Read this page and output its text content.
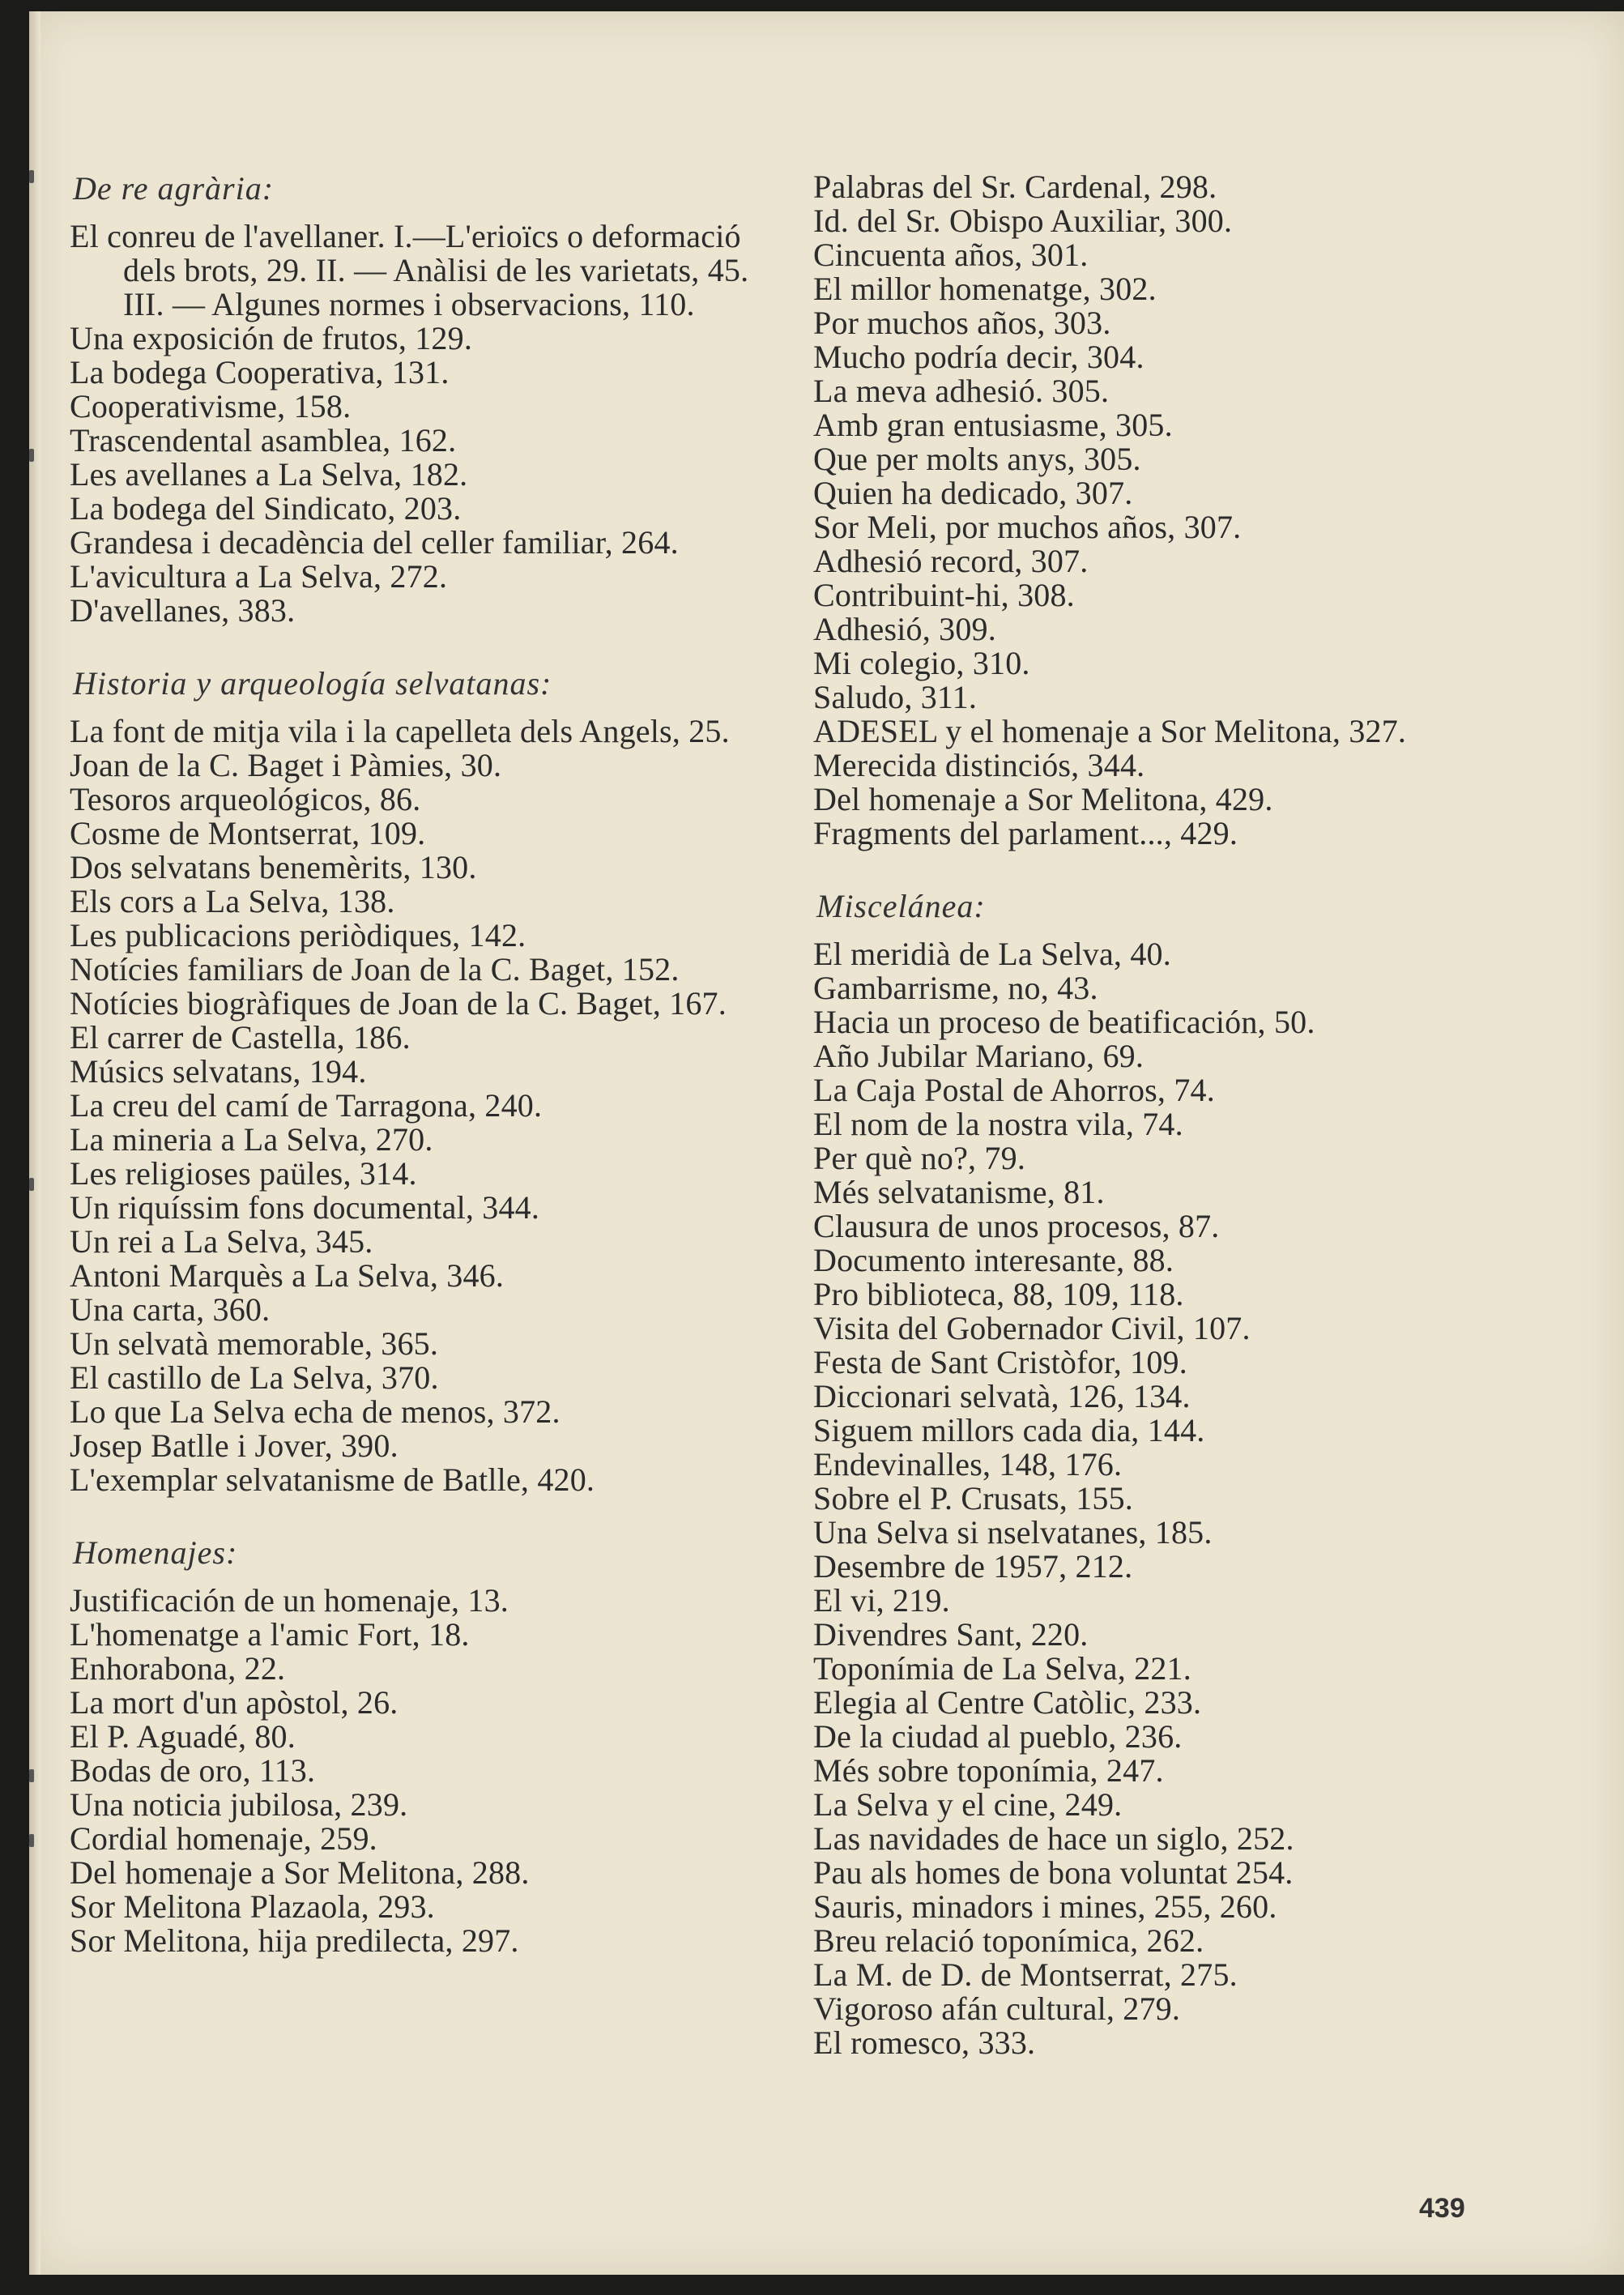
De re agrària:
El conreu de l'avellaner. I.—L'erioïcs o deformació dels brots, 29. II. — Anàlisi de les varietats, 45. III. — Algunes normes i observacions, 110.
Una exposición de frutos, 129.
La bodega Cooperativa, 131.
Cooperativisme, 158.
Trascendental asamblea, 162.
Les avellanes a La Selva, 182.
La bodega del Sindicato, 203.
Grandesa i decadència del celler familiar, 264.
L'avicultura a La Selva, 272.
D'avellanes, 383.
Historia y arqueología selvatanas:
La font de mitja vila i la capelleta dels Angels, 25.
Joan de la C. Baget i Pàmies, 30.
Tesoros arqueológicos, 86.
Cosme de Montserrat, 109.
Dos selvatans benemèrits, 130.
Els cors a La Selva, 138.
Les publicacions periòdiques, 142.
Notícies familiars de Joan de la C. Baget, 152.
Notícies biogràfiques de Joan de la C. Baget, 167.
El carrer de Castella, 186.
Músics selvatans, 194.
La creu del camí de Tarragona, 240.
La mineria a La Selva, 270.
Les religioses paüles, 314.
Un riquíssim fons documental, 344.
Un rei a La Selva, 345.
Antoni Marquès a La Selva, 346.
Una carta, 360.
Un selvatà memorable, 365.
El castillo de La Selva, 370.
Lo que La Selva echa de menos, 372.
Josep Batlle i Jover, 390.
L'exemplar selvatanisme de Batlle, 420.
Homenajes:
Justificación de un homenaje, 13.
L'homenatge a l'amic Fort, 18.
Enhorabona, 22.
La mort d'un apòstol, 26.
El P. Aguadé, 80.
Bodas de oro, 113.
Una noticia jubilosa, 239.
Cordial homenaje, 259.
Del homenaje a Sor Melitona, 288.
Sor Melitona Plazaola, 293.
Sor Melitona, hija predilecta, 297.
Palabras del Sr. Cardenal, 298.
Id. del Sr. Obispo Auxiliar, 300.
Cincuenta años, 301.
El millor homenatge, 302.
Por muchos años, 303.
Mucho podría decir, 304.
La meva adhesió. 305.
Amb gran entusiasme, 305.
Que per molts anys, 305.
Quien ha dedicado, 307.
Sor Meli, por muchos años, 307.
Adhesió record, 307.
Contribuint-hi, 308.
Adhesió, 309.
Mi colegio, 310.
Saludo, 311.
ADESEL y el homenaje a Sor Melitona, 327.
Merecida distinciós, 344.
Del homenaje a Sor Melitona, 429.
Fragments del parlament..., 429.
Miscelánea:
El meridià de La Selva, 40.
Gambarrisme, no, 43.
Hacia un proceso de beatificación, 50.
Año Jubilar Mariano, 69.
La Caja Postal de Ahorros, 74.
El nom de la nostra vila, 74.
Per què no?, 79.
Més selvatanisme, 81.
Clausura de unos procesos, 87.
Documento interesante, 88.
Pro biblioteca, 88, 109, 118.
Visita del Gobernador Civil, 107.
Festa de Sant Cristòfor, 109.
Diccionari selvatà, 126, 134.
Siguem millors cada dia, 144.
Endevinalles, 148, 176.
Sobre el P. Crusats, 155.
Una Selva si nselvatanes, 185.
Desembre de 1957, 212.
El vi, 219.
Divendres Sant, 220.
Toponímia de La Selva, 221.
Elegia al Centre Catòlic, 233.
De la ciudad al pueblo, 236.
Més sobre toponímia, 247.
La Selva y el cine, 249.
Las navidades de hace un siglo, 252.
Pau als homes de bona voluntat 254.
Sauris, minadors i mines, 255, 260.
Breu relació toponímica, 262.
La M. de D. de Montserrat, 275.
Vigoroso afán cultural, 279.
El romesco, 333.
439
